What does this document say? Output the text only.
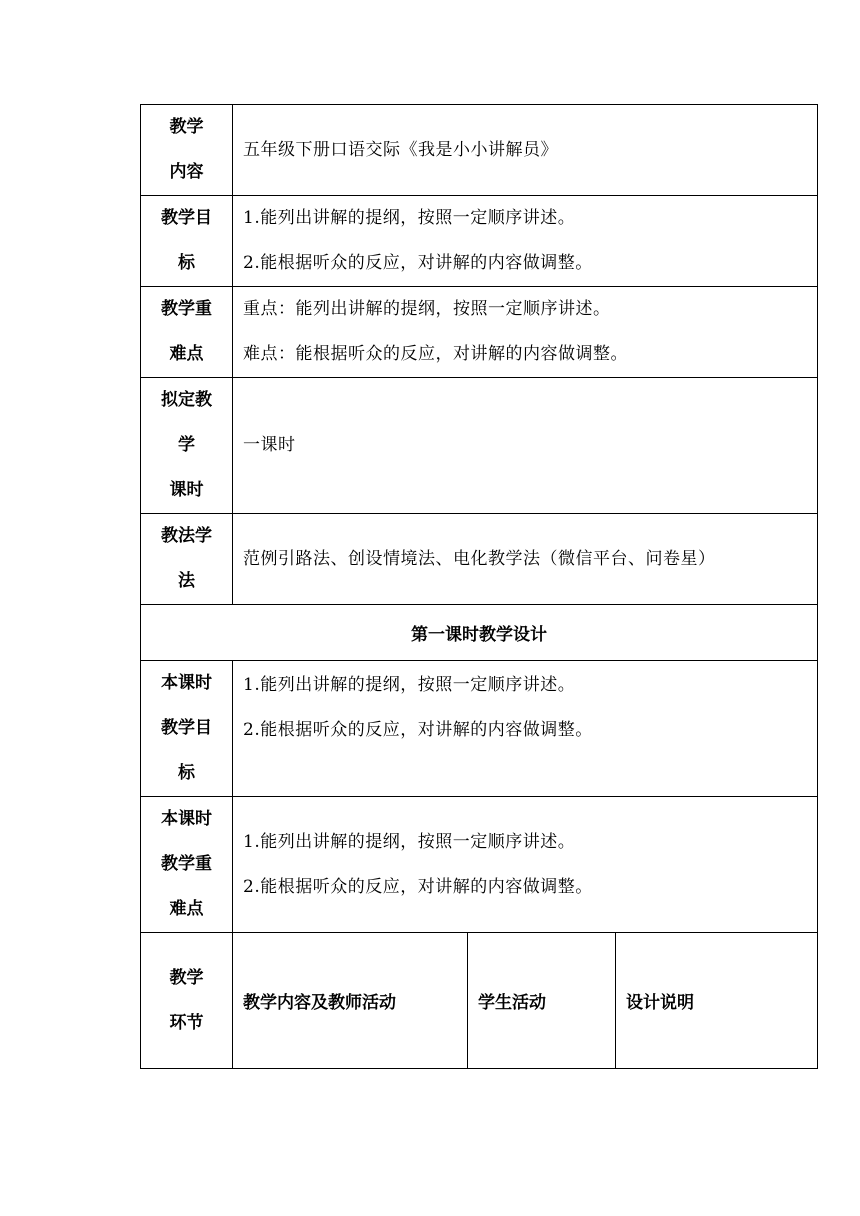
教学
内容	五年级下册口语交际《我是小小讲解员》		

教学目
标	1.能列出讲解的提纲，按照一定顺序讲述。
2.能根据听众的反应，对讲解的内容做调整。		

教学重
难点	重点：能列出讲解的提纲，按照一定顺序讲述。
难点：能根据听众的反应，对讲解的内容做调整。		

拟定教
学
课时	一课时		

教法学
法	范例引路法、创设情境法、电化教学法（微信平台、问卷星）		

第一课时教学设计			

本课时
教学目
标	1.能列出讲解的提纲，按照一定顺序讲述。
2.能根据听众的反应，对讲解的内容做调整。		

本课时
教学重
难点	1.能列出讲解的提纲，按照一定顺序讲述。
2.能根据听众的反应，对讲解的内容做调整。		

教学
环节	教学内容及教师活动	学生活动	设计说明
